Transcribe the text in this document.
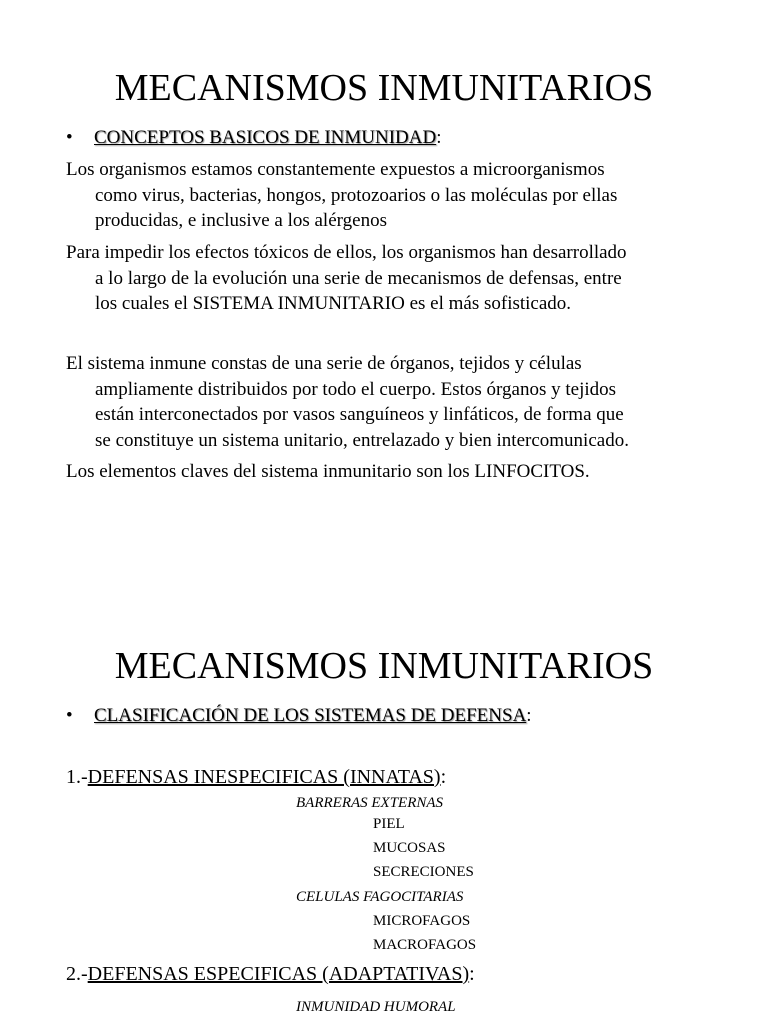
MECANISMOS INMUNITARIOS
• CONCEPTOS BASICOS DE INMUNIDAD:
Los organismos estamos constantemente expuestos a microorganismos
como virus, bacterias, hongos, protozoarios o las moléculas por ellas
producidas, e inclusive a los alérgenos
Para impedir los efectos tóxicos de ellos, los organismos han desarrollado
a lo largo de la evolución una serie de mecanismos de defensas, entre
los cuales el SISTEMA INMUNITARIO es el más sofisticado.
El sistema inmune constas de una serie de órganos, tejidos y células
ampliamente distribuidos por todo el cuerpo. Estos órganos y tejidos
están interconectados por vasos sanguíneos y linfáticos, de forma que
se constituye un sistema unitario, entrelazado y bien intercomunicado.
Los elementos claves del sistema inmunitario son los LINFOCITOS.
MECANISMOS INMUNITARIOS
• CLASIFICACIÓN DE LOS SISTEMAS DE DEFENSA:
1.-DEFENSAS INESPECIFICAS (INNATAS):
BARRERAS EXTERNAS
PIEL
MUCOSAS
SECRECIONES
CELULAS FAGOCITARIAS
MICROFAGOS
MACROFAGOS
2.-DEFENSAS ESPECIFICAS (ADAPTATIVAS):
INMUNIDAD HUMORAL
